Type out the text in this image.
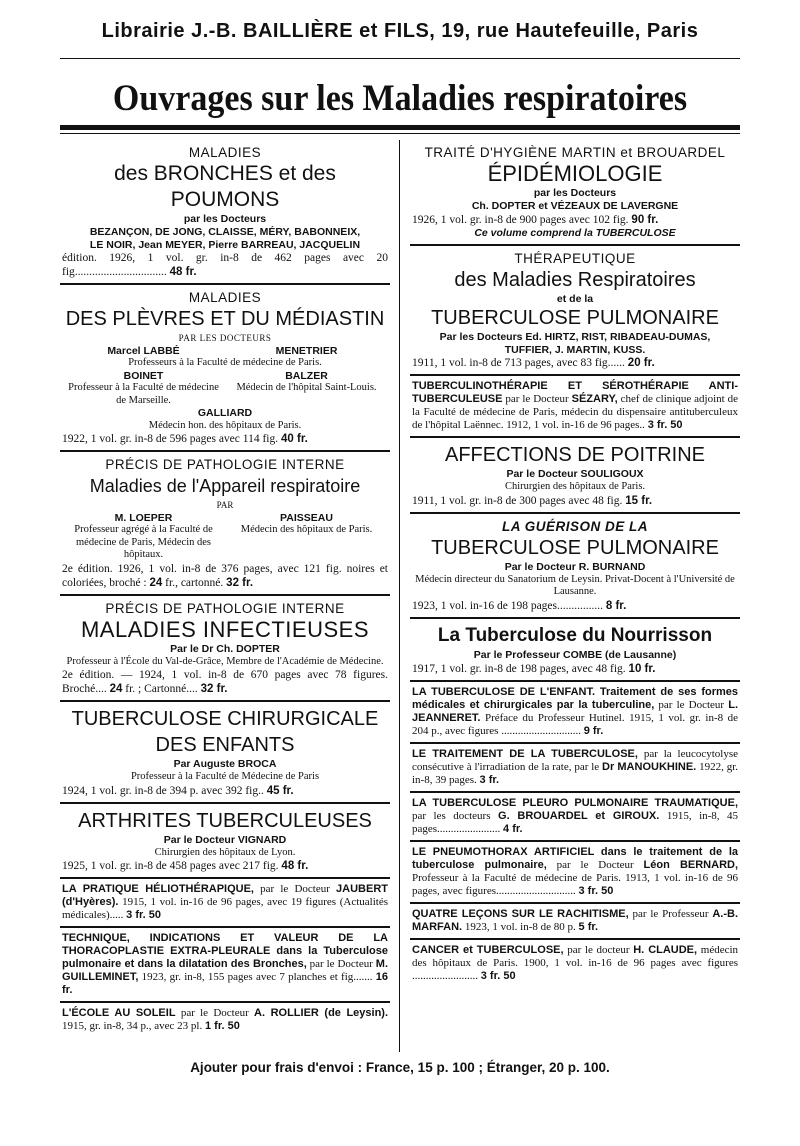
Librairie J.-B. BAILLIÈRE et FILS, 19, rue Hautefeuille, Paris
Ouvrages sur les Maladies respiratoires
MALADIES
des BRONCHES et des POUMONS
par les Docteurs
BEZANÇON, DE JONG, CLAISSE, MÉRY, BABONNEIX,
LE NOIR, Jean MEYER, Pierre BARREAU, JACQUELIN
édition. 1926, 1 vol. gr. in-8 de 462 pages avec 20 fig................................ 48 fr.
MALADIES
DES PLÈVRES ET DU MÉDIASTIN
PAR LES DOCTEURS
Marcel LABBÉ	MENETRIER
Professeurs à la Faculté de médecine de Paris.
BOINET
Professeur à la Faculté de médecine de Marseille.
BALZER
Médecin de l'hôpital Saint-Louis.
GALLIARD
Médecin hon. des hôpitaux de Paris.
1922, 1 vol. gr. in-8 de 596 pages avec 114 fig. 40 fr.
PRÉCIS DE PATHOLOGIE INTERNE
Maladies de l'Appareil respiratoire
PAR
M. LOEPER
Professeur agrégé à la Faculté de médecine de Paris, Médecin des hôpitaux.
PAISSEAU
Médecin des hôpitaux de Paris.
2e édition. 1926, 1 vol. in-8 de 376 pages, avec 121 fig. noires et coloriées, broché : 24 fr., cartonné. 32 fr.
PRÉCIS DE PATHOLOGIE INTERNE
MALADIES INFECTIEUSES
Par le Dr Ch. DOPTER
Professeur à l'École du Val-de-Grâce, Membre de l'Académie de Médecine.
2e édition. — 1924, 1 vol. in-8 de 670 pages avec 78 figures. Broché.... 24 fr. ; Cartonné.... 32 fr.
TUBERCULOSE CHIRURGICALE
DES ENFANTS
Par Auguste BROCA
Professeur à la Faculté de Médecine de Paris
1924, 1 vol. gr. in-8 de 394 p. avec 392 fig.. 45 fr.
ARTHRITES TUBERCULEUSES
Par le Docteur VIGNARD
Chirurgien des hôpitaux de Lyon.
1925, 1 vol. gr. in-8 de 458 pages avec 217 fig. 48 fr.
LA PRATIQUE HÉLIOTHÉRAPIQUE, par le Docteur JAUBERT (d'Hyères). 1915, 1 vol. in-16 de 96 pages, avec 19 figures (Actualités médicales)..... 3 fr. 50
TECHNIQUE, INDICATIONS ET VALEUR DE LA THORACOPLASTIE EXTRA-PLEURALE dans la Tuberculose pulmonaire et dans la dilatation des Bronches, par le Docteur M. GUILLEMINET, 1923, gr. in-8, 155 pages avec 7 planches et fig....... 16 fr.
L'ÉCOLE AU SOLEIL par le Docteur A. ROLLIER (de Leysin). 1915, gr. in-8, 34 p., avec 23 pl. 1 fr. 50
TRAITÉ D'HYGIÈNE MARTIN et BROUARDEL
ÉPIDÉMIOLOGIE
par les Docteurs
Ch. DOPTER et VÉZEAUX DE LAVERGNE
1926, 1 vol. gr. in-8 de 900 pages avec 102 fig. 90 fr.
Ce volume comprend la TUBERCULOSE
THÉRAPEUTIQUE
des Maladies Respiratoires
et de la
TUBERCULOSE PULMONAIRE
Par les Docteurs Ed. HIRTZ, RIST, RIBADEAU-DUMAS,
TUFFIER, J. MARTIN, KUSS.
1911, 1 vol. in-8 de 713 pages, avec 83 fig...... 20 fr.
TUBERCULINOTHÉRAPIE ET SÉROTHÉRAPIE ANTI-TUBERCULEUSE par le Docteur SÉZARY, chef de clinique adjoint de la Faculté de médecine de Paris, médecin du dispensaire antituberculeux de l'hôpital Laënnec. 1912, 1 vol. in-16 de 96 pages.. 3 fr. 50
AFFECTIONS DE POITRINE
Par le Docteur SOULIGOUX
Chirurgien des hôpitaux de Paris.
1911, 1 vol. gr. in-8 de 300 pages avec 48 fig. 15 fr.
LA GUÉRISON DE LA
TUBERCULOSE PULMONAIRE
Par le Docteur R. BURNAND
Médecin directeur du Sanatorium de Leysin. Privat-Docent à l'Université de Lausanne.
1923, 1 vol. in-16 de 198 pages................ 8 fr.
La Tuberculose du Nourrisson
Par le Professeur COMBE (de Lausanne)
1917, 1 vol. gr. in-8 de 198 pages, avec 48 fig. 10 fr.
LA TUBERCULOSE DE L'ENFANT. Traitement de ses formes médicales et chirurgicales par la tuberculine, par le Docteur L. JEANNERET. Préface du Professeur Hutinel. 1915, 1 vol. gr. in-8 de 204 p., avec figures ............................. 9 fr.
LE TRAITEMENT DE LA TUBERCULOSE, par la leucocytolyse consécutive à l'irradiation de la rate, par le Dr MANOUKHINE. 1922, gr. in-8, 39 pages. 3 fr.
LA TUBERCULOSE PLEURO PULMONAIRE TRAUMATIQUE, par les docteurs G. BROUARDEL et GIROUX. 1915, in-8, 45 pages....................... 4 fr.
LE PNEUMOTHORAX ARTIFICIEL dans le traitement de la tuberculose pulmonaire, par le Docteur Léon BERNARD, Professeur à la Faculté de médecine de Paris. 1913, 1 vol. in-16 de 96 pages, avec figures............................. 3 fr. 50
QUATRE LEÇONS SUR LE RACHITISME, par le Professeur A.-B. MARFAN. 1923, 1 vol. in-8 de 80 p. 5 fr.
CANCER et TUBERCULOSE, par le docteur H. CLAUDE, médecin des hôpitaux de Paris. 1900, 1 vol. in-16 de 96 pages avec figures ........................ 3 fr. 50
Ajouter pour frais d'envoi : France, 15 p. 100 ; Étranger, 20 p. 100.
